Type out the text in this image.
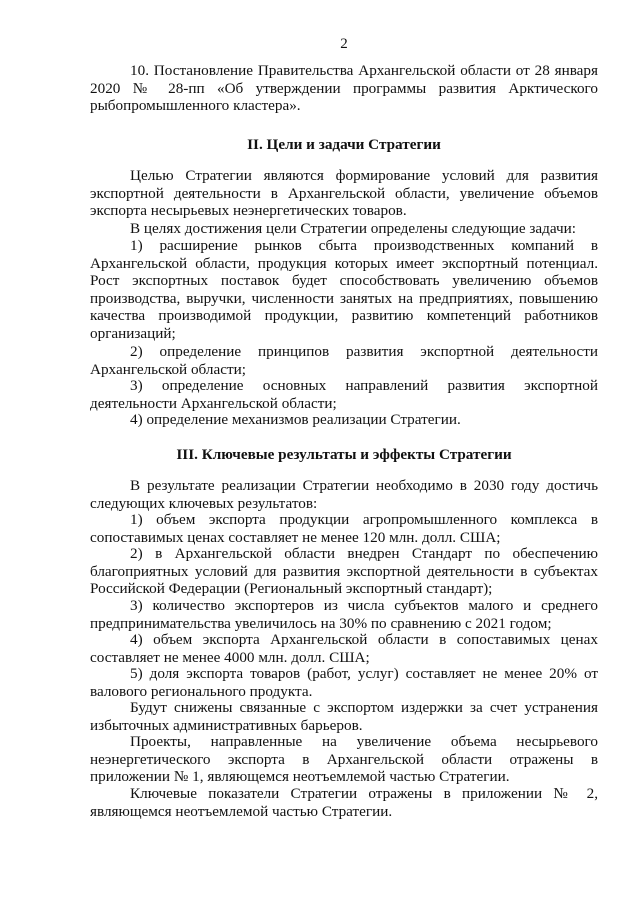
2

10. Постановление Правительства Архангельской области от 28 января 2020 № 28-пп «Об утверждении программы развития Арктического рыбопромышленного кластера».

II. Цели и задачи Стратегии

Целью Стратегии являются формирование условий для развития экспортной деятельности в Архангельской области, увеличение объемов экспорта несырьевых неэнергетических товаров.

В целях достижения цели Стратегии определены следующие задачи:

1) расширение рынков сбыта производственных компаний в Архангельской области, продукция которых имеет экспортный потенциал. Рост экспортных поставок будет способствовать увеличению объемов производства, выручки, численности занятых на предприятиях, повышению качества производимой продукции, развитию компетенций работников организаций;

2) определение принципов развития экспортной деятельности Архангельской области;

3) определение основных направлений развития экспортной деятельности Архангельской области;

4) определение механизмов реализации Стратегии.

III. Ключевые результаты и эффекты Стратегии

В результате реализации Стратегии необходимо в 2030 году достичь следующих ключевых результатов:

1) объем экспорта продукции агропромышленного комплекса в сопоставимых ценах составляет не менее 120 млн. долл. США;

2) в Архангельской области внедрен Стандарт по обеспечению благоприятных условий для развития экспортной деятельности в субъектах Российской Федерации (Региональный экспортный стандарт);

3) количество экспортеров из числа субъектов малого и среднего предпринимательства увеличилось на 30% по сравнению с 2021 годом;

4) объем экспорта Архангельской области в сопоставимых ценах составляет не менее 4000 млн. долл. США;

5) доля экспорта товаров (работ, услуг) составляет не менее 20% от валового регионального продукта.

Будут снижены связанные с экспортом издержки за счет устранения избыточных административных барьеров.

Проекты, направленные на увеличение объема несырьевого неэнергетического экспорта в Архангельской области отражены в приложении № 1, являющемся неотъемлемой частью Стратегии.

Ключевые показатели Стратегии отражены в приложении № 2, являющемся неотъемлемой частью Стратегии.
